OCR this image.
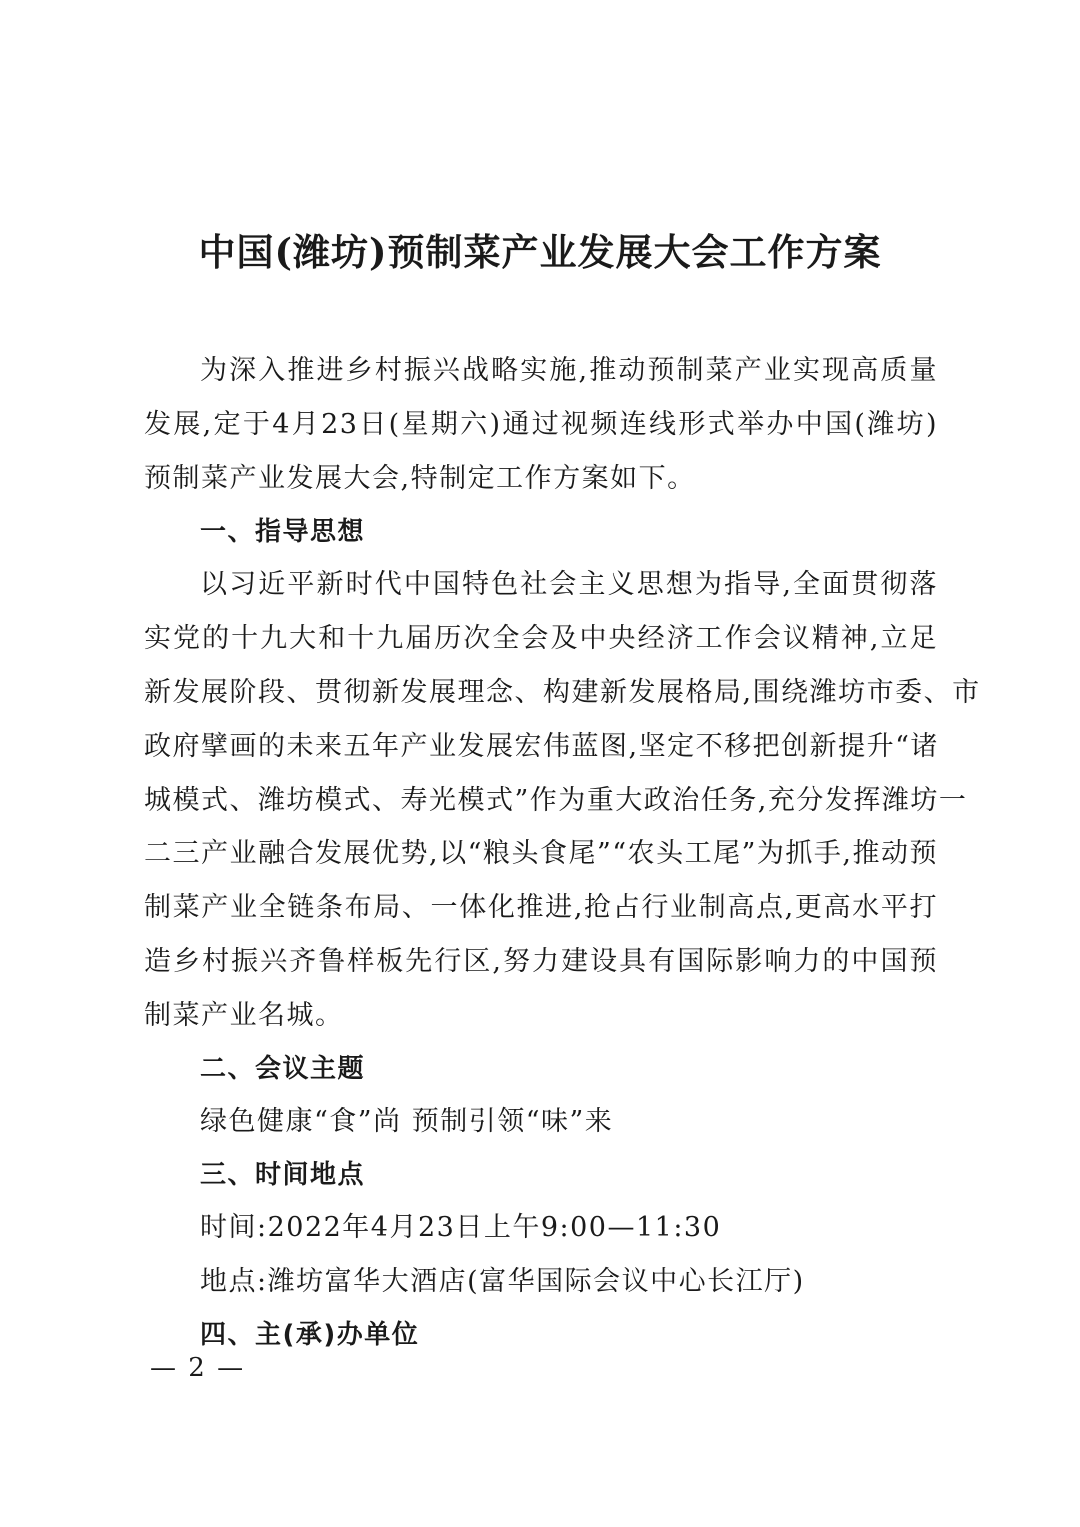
中国(潍坊)预制菜产业发展大会工作方案
为深入推进乡村振兴战略实施,推动预制菜产业实现高质量
发展,定于4月23日(星期六)通过视频连线形式举办中国(潍坊)
预制菜产业发展大会,特制定工作方案如下。
一、指导思想
以习近平新时代中国特色社会主义思想为指导,全面贯彻落
实党的十九大和十九届历次全会及中央经济工作会议精神,立足
新发展阶段、贯彻新发展理念、构建新发展格局,围绕潍坊市委、市
政府擘画的未来五年产业发展宏伟蓝图,坚定不移把创新提升“诸
城模式、潍坊模式、寿光模式”作为重大政治任务,充分发挥潍坊一
二三产业融合发展优势,以“粮头食尾”“农头工尾”为抓手,推动预
制菜产业全链条布局、一体化推进,抢占行业制高点,更高水平打
造乡村振兴齐鲁样板先行区,努力建设具有国际影响力的中国预
制菜产业名城。
二、会议主题
绿色健康“食”尚 预制引领“味”来
三、时间地点
时间:2022年4月23日上午9:00—11:30
地点:潍坊富华大酒店(富华国际会议中心长江厅)
四、主(承)办单位
— 2 —
